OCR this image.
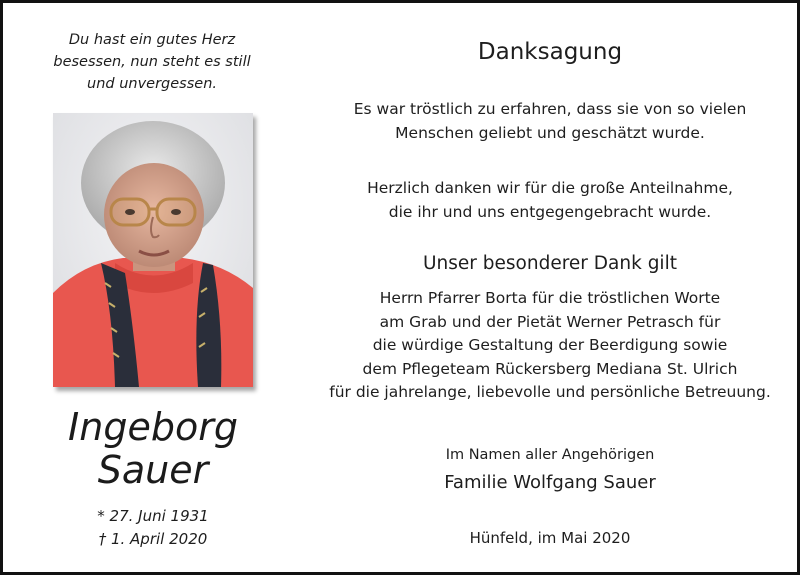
Du hast ein gutes Herz
besessen, nun steht es still
und unvergessen.
Ingeborg
Sauer
* 27. Juni 1931
† 1. April 2020
Danksagung
Es war tröstlich zu erfahren, dass sie von so vielen
Menschen geliebt und geschätzt wurde.
Herzlich danken wir für die große Anteilnahme,
die ihr und uns entgegengebracht wurde.
Unser besonderer Dank gilt
Herrn Pfarrer Borta für die tröstlichen Worte
am Grab und der Pietät Werner Petrasch für
die würdige Gestaltung der Beerdigung sowie
dem Pflegeteam Rückersberg Mediana St. Ulrich
für die jahrelange, liebevolle und persönliche Betreuung.
Im Namen aller Angehörigen
Familie Wolfgang Sauer
Hünfeld, im Mai 2020
